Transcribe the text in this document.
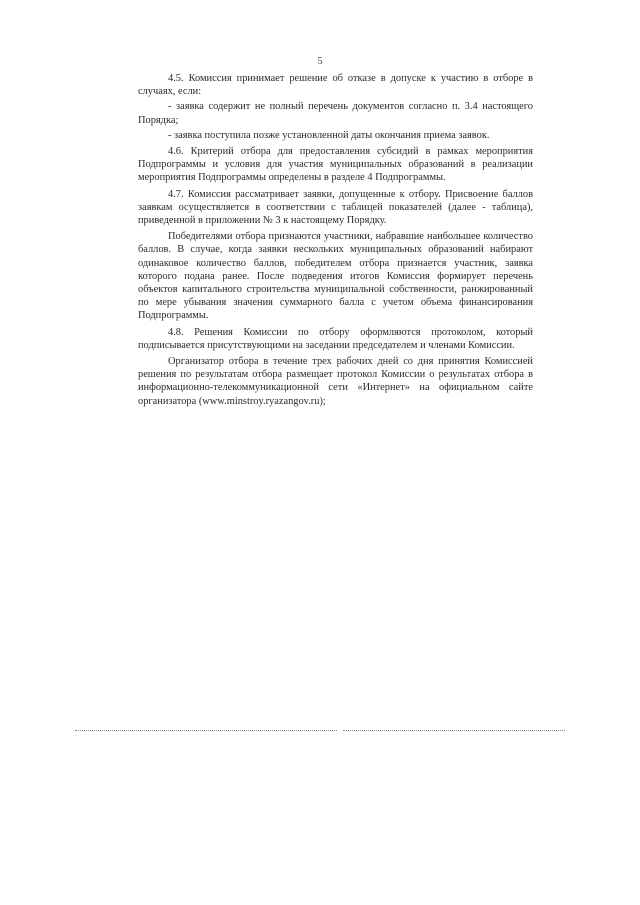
5

4.5. Комиссия принимает решение об отказе в допуске к участию в отборе в случаях, если:

- заявка содержит не полный перечень документов согласно п. 3.4 настоящего Порядка;

- заявка поступила позже установленной даты окончания приема заявок.

4.6. Критерий отбора для предоставления субсидий в рамках мероприятия Подпрограммы и условия для участия муниципальных образований в реализации мероприятия Подпрограммы определены в разделе 4 Подпрограммы.

4.7. Комиссия рассматривает заявки, допущенные к отбору. Присвоение баллов заявкам осуществляется в соответствии с таблицей показателей (далее - таблица), приведенной в приложении № 3 к настоящему Порядку.

Победителями отбора признаются участники, набравшие наибольшее количество баллов. В случае, когда заявки нескольких муниципальных образований набирают одинаковое количество баллов, победителем отбора признается участник, заявка которого подана ранее. После подведения итогов Комиссия формирует перечень объектов капитального строительства муниципальной собственности, ранжированный по мере убывания значения суммарного балла с учетом объема финансирования Подпрограммы.

4.8. Решения Комиссии по отбору оформляются протоколом, который подписывается присутствующими на заседании председателем и членами Комиссии.

Организатор отбора в течение трех рабочих дней со дня принятия Комиссией решения по результатам отбора размещает протокол Комиссии о результатах отбора в информационно-телекоммуникационной сети «Интернет» на официальном сайте организатора (www.minstroy.ryazangov.ru);
